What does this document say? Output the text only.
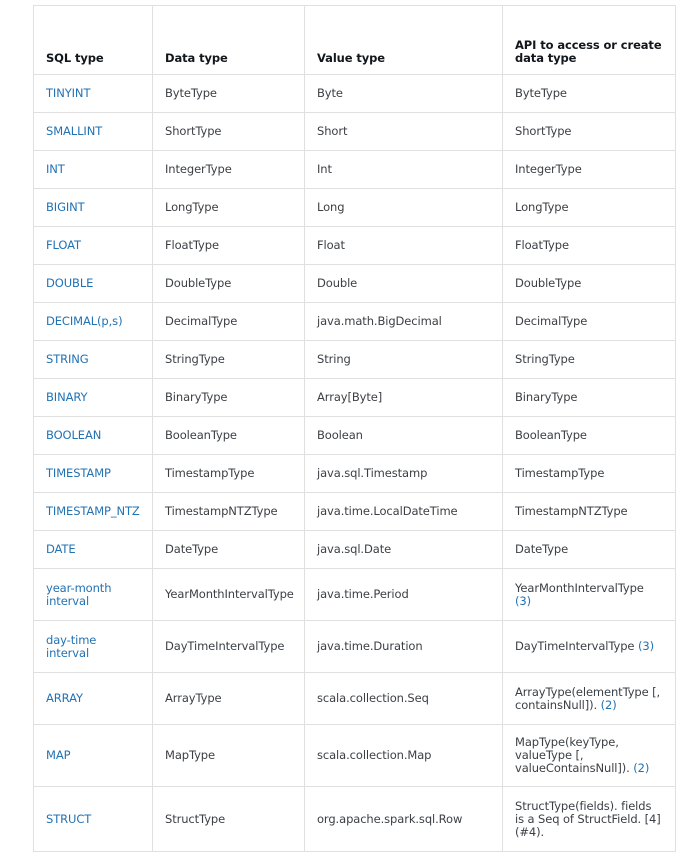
SQL type	Data type	Value type	API to access or create data type
TINYINT	ByteType	Byte	ByteType
SMALLINT	ShortType	Short	ShortType
INT	IntegerType	Int	IntegerType
BIGINT	LongType	Long	LongType
FLOAT	FloatType	Float	FloatType
DOUBLE	DoubleType	Double	DoubleType
DECIMAL(p,s)	DecimalType	java.math.BigDecimal	DecimalType
STRING	StringType	String	StringType
BINARY	BinaryType	Array[Byte]	BinaryType
BOOLEAN	BooleanType	Boolean	BooleanType
TIMESTAMP	TimestampType	java.sql.Timestamp	TimestampType
TIMESTAMP_NTZ	TimestampNTZType	java.time.LocalDateTime	TimestampNTZType
DATE	DateType	java.sql.Date	DateType
year-month interval	YearMonthIntervalType	java.time.Period	YearMonthIntervalType (3)
day-time interval	DayTimeIntervalType	java.time.Duration	DayTimeIntervalType (3)
ARRAY	ArrayType	scala.collection.Seq	ArrayType(elementType [, containsNull]). (2)
MAP	MapType	scala.collection.Map	MapType(keyType, valueType [, valueContainsNull]). (2)
STRUCT	StructType	org.apache.spark.sql.Row	StructType(fields). fields is a Seq of StructField. [4](#4).
